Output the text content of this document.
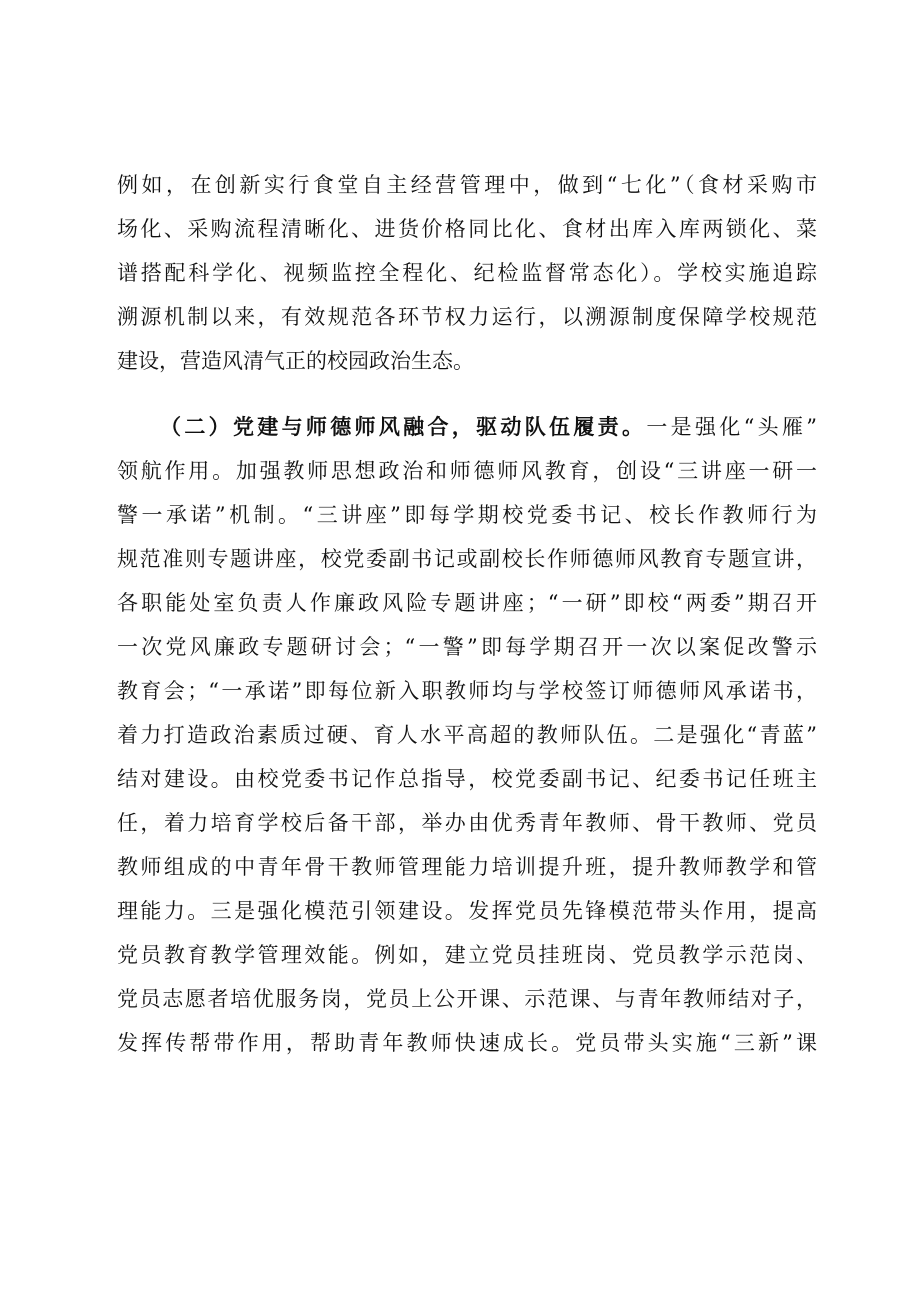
例如，在创新实行食堂自主经营管理中，做到“七化”（食材采购市
场化、采购流程清晰化、进货价格同比化、食材出库入库两锁化、菜
谱搭配科学化、视频监控全程化、纪检监督常态化）。学校实施追踪
溯源机制以来，有效规范各环节权力运行，以溯源制度保障学校规范
建设，营造风清气正的校园政治生态。
（二）党建与师德师风融合，驱动队伍履责。一是强化“头雁”
领航作用。加强教师思想政治和师德师风教育，创设“三讲座一研一
警一承诺”机制。“三讲座”即每学期校党委书记、校长作教师行为
规范准则专题讲座，校党委副书记或副校长作师德师风教育专题宣讲，
各职能处室负责人作廉政风险专题讲座；“一研”即校“两委”期召开
一次党风廉政专题研讨会；“一警”即每学期召开一次以案促改警示
教育会；“一承诺”即每位新入职教师均与学校签订师德师风承诺书，
着力打造政治素质过硬、育人水平高超的教师队伍。二是强化“青蓝”
结对建设。由校党委书记作总指导，校党委副书记、纪委书记任班主
任，着力培育学校后备干部，举办由优秀青年教师、骨干教师、党员
教师组成的中青年骨干教师管理能力培训提升班，提升教师教学和管
理能力。三是强化模范引领建设。发挥党员先锋模范带头作用，提高
党员教育教学管理效能。例如，建立党员挂班岗、党员教学示范岗、
党员志愿者培优服务岗，党员上公开课、示范课、与青年教师结对子，
发挥传帮带作用，帮助青年教师快速成长。党员带头实施“三新”课
